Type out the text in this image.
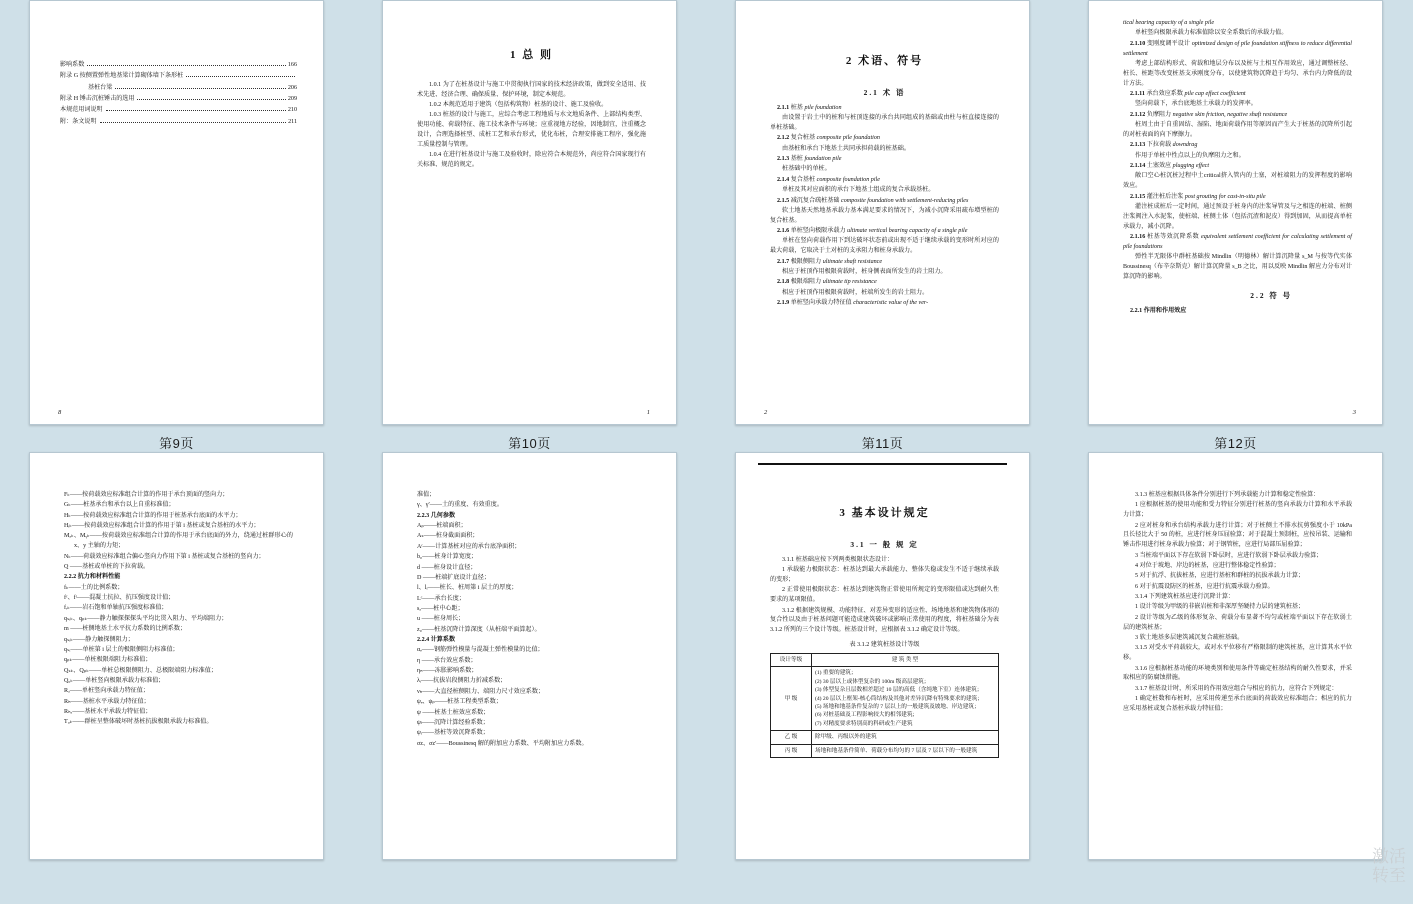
影响系数	166
附录 G 按侧置弹性地基梁计算砌体墙下条形桩
基桩台梁	206
附录 H 锤击沉桩锤击的选用	209
本规范用词说明	210
附：条文说明	211
8
第9页
1 总 则

1.0.1 为了在桩基设计与施工中贯彻执行国家的技术经济政策，做到安全适用、技术先进、经济合理、确保质量、保护环境，制定本规范。

1.0.2 本规范适用于建筑（包括构筑物）桩基的设计、施工及验收。

1.0.3 桩基的设计与施工，应综合考虑工程地质与水文地质条件、上部结构类型、使用功能、荷载特征、施工技术条件与环境；应重视地方经验，因地制宜，注重概念设计，合理选择桩型、成桩工艺和承台形式，优化布桩，合理安排施工程序，强化施工质量控制与管理。

1.0.4 在进行桩基设计与施工及验收时，除应符合本规范外，尚应符合国家现行有关标准、规范的规定。

1
第10页
2 术语、符号
2.1 术 语

2.1.1 桩基 pile foundation

由设置于岩土中的桩和与桩顶连接的承台共同组成的基础或由柱与桩直接连接的单桩基础。

2.1.2 复合桩基 composite pile foundation

由基桩和承台下地基土共同承担荷载的桩基础。

2.1.3 基桩 foundation pile

桩基础中的单桩。

2.1.4 复合基桩 composite foundation pile

单桩及其对应面积的承台下地基土组成的复合承载基桩。

2.1.5 减沉复合疏桩基础 composite foundation with settlement-reducing piles

软土地基天然地基承载力基本满足要求的情况下，为减小沉降采用疏布增型桩的复合桩基。

2.1.6 单桩竖向极限承载力 ultimate vertical bearing capacity of a single pile

单桩在竖向荷载作用下到达破坏状态前或出现不适于继续承载的变形时所对应的最大荷载，它取决于土对桩的支承阻力和桩身承载力。

2.1.7 极限侧阻力 ultimate shaft resistance

相应于桩顶作用极限荷载时，桩身侧表面所发生的岩土阻力。

2.1.8 极限端阻力 ultimate tip resistance

相应于桩顶作用极限荷载时，桩端所发生的岩土阻力。

2.1.9 单桩竖向承载力特征值 characteristic value of the ver-

2
第11页

tical bearing capacity of a single pile

单桩竖向极限承载力标准值除以安全系数后的承载力值。

2.1.10 变刚度调平设计 optimized design of pile foundation stiffness to reduce differential settlement

考虑上部结构形式、荷载和地层分布以及桩与土相互作用效应，通过调整桩径、桩长、桩距等改变桩基支承刚度分布，以使建筑物沉降趋于均匀、承台内力降低的设计方法。

2.1.11 承台效应系数 pile cap effect coefficient

竖向荷载下，承台底地基土承载力的发挥率。

2.1.12 负摩阻力 negative skin friction, negative shaft resistance

桩周土由于自重固结、湿陷、地面荷载作用等原因而产生大于桩基的沉降所引起的对桩表面的向下摩擦力。

2.1.13 下拉荷载 downdrag

作用于单桩中性点以上的负摩阻力之和。

2.1.14 土塞效应 plugging effect

敞口空心桩沉桩过程中土critical挤入管内的土塞，对桩端阻力的发挥程度的影响效应。

2.1.15 灌注桩后注浆 post grouting for cast-in-situ pile

灌注桩成桩后一定时间，通过预设于桩身内的注浆导管及与之相连的桩端、桩侧注浆阀注入水泥浆，使桩端、桩侧土体（包括沉渣和泥皮）得到加固，从而提高单桩承载力，减小沉降。

2.1.16 桩基等效沉降系数 equivalent settlement coefficient for calculating settlement of pile foundations

弹性半无限体中群桩基础按 Mindlin（明德林）解计算沉降量 s_M 与按等代实体 Boussinesq（布辛奈斯克）解计算沉降量 s_B 之比，用以反映 Mindlin 解应力分布对计算沉降的影响。

2.2 符 号

2.2.1 作用和作用效应

3
第12页

Fₖ——按荷载效应标准组合计算的作用于承台顶面的竖向力；

Gₖ——桩基承台和承台以上自重标准值；

Hₖ——按荷载效应标准组合计算的作用于桩基承台底面的水平力；

Hᵢₖ——按荷载效应标准组合计算的作用于第 i 基桩或复合基桩的水平力；

Mₓₖ、Mᵧₖ——按荷载效应标准组合计算的作用于承台底面的外力，绕通过桩群形心的 x、y 主轴的力矩；

Nₖ——荷载效应标准组合偏心竖向力作用下第 i 基桩或复合基桩的竖向力；

Q ——基桩或单桩的下拉荷载。

2.2.2 抗力和材料性能

fₖ——土的比例系数；

fᶜ、fᵗ——混凝土抗拉、抗压强度设计值；

fᵣₖ——岩石饱和单轴抗压强度标准值；

qₛᵢₖ、qₚₖ——静力触探探探头平均比贯入阻力、平均端阻力；

m ——桩侧地基土水平抗力系数的比例系数；

qₛᵢₖ——静力触探侧阻力；

qₛᵢ——单桩第 i 层土的极限侧阻力标准值；

qₚₖ——单桩极限端阻力标准值；

Qₛₖ、Qₚₖ——单桩总极限侧阻力、总极限端阻力标准值；

Qᵤₖ——单桩竖向极限承载力标准值；

Rₐ——单桩竖向承载力特征值；

Rₕ——基桩水平承载力特征值；

Rₕₐ——基桩水平承载力特征值；

Tᵤₖ——群桩呈整体破坏时基桩抗拔极限承载力标准值。

准值；

γ、γ′——土的重度、有效重度。

2.2.3 几何参数

Aₚ——桩端面积；

Aₛ——桩身截面面积；

Aᶜ——计算基桩对应的承台底净面积；

b₀——桩身计算宽度；

d ——桩身设计直径；

D ——桩端扩底设计直径；

l、lᵢ——桩长、桩周第 i 层土的厚度；

Lᶜ——承台长度；

sₐ——桩中心距；

u ——桩身周长；

z₀——桩基沉降计算深度（从桩端平面算起）。

2.2.4 计算系数

αₑ——钢筋弹性模量与混凝土弹性模量的比值；

η ——承台效应系数；

ηₙ——冻胀影响系数；

λᵢ——抗拔岩段侧阻力折减系数；

νₕ——大直径桩侧阻力、端阻力尺寸效应系数；

ψₑ、ψₚ——桩基工程类型系数；

ψ ——桩基土桩效应系数；

ψₗ——沉降计算经验系数；

ψᵢ——基桩等效沉降系数；

σᴢ、σᴢ′——Boussinesq 解的附加应力系数、平均附加应力系数。

3 基本设计规定
3.1 一 般 规 定

3.1.1 桩基础应按下列两类极限状态设计：

1 承载能力极限状态：桩基达到最大承载能力、整体失稳或发生不适于继续承载的变形；

2 正常使用极限状态：桩基达到建筑物正常使用所规定的变形限值或达到耐久性要求的某项限值。

3.1.2 根据建筑规模、功能特征、对差异变形的适应性、场地地基和建筑物体形的复合性以及由于桩基问题可能造成建筑破坏或影响正常使用的程度，将桩基础分为表 3.1.2 所列的三个设计等级。桩基设计时，应根据表 3.1.2 确定设计等级。

表 3.1.2 建筑桩基设计等级
设计等级	建 筑 类 型
甲 级	
(1) 重要的建筑；
(2) 30 层以上或体型复杂的 100m 级高层建筑；
(3) 体型复杂且层数相差超过 10 层的高低（含纯地下室）连体建筑；
(4) 20 层以上框架-核心筒结构及其他对差异沉降有特殊要求的建筑；
(5) 场地和地基条件复杂的 7 层以上的一般建筑及坡地、岸边建筑；
(6) 对桩基础及工程影响较大的相邻建筑；
(7) 对精度要求特别高的科研或生产建筑

乙 级	除甲级、丙级以外的建筑

丙 级	场地和地基条件简单、荷载分布均匀的 7 层及 7 层以下的一般建筑

3.1.3 桩基应根据具体条件分别进行下列承载能力计算和稳定性验算：

1 应根据桩基的使用功能和受力特征分别进行桩基的竖向承载力计算和水平承载力计算；

2 应对桩身和承台结构承载力进行计算；对于桩侧土不排水抗剪强度小于 10kPa 且长径比大于 50 的桩，应进行桩身压屈验算；对于混凝土预制桩，应按吊装、运输和锤击作用进行桩身承载力验算；对于钢管桩，应进行局部压屈验算；

3 当桩端平面以下存在软弱下卧层时，应进行软弱下卧层承载力验算；

4 对位于坡地、岸边的桩基，应进行整体稳定性验算；

5 对于抗浮、抗拔桩基，应进行基桩和群桩的抗拔承载力计算；

6 对于抗震设防区的桩基，应进行抗震承载力验算。

3.1.4 下列建筑桩基应进行沉降计算：

1 设计等级为甲级的非嵌岩桩和非深厚坚硬持力层的建筑桩基；

2 设计等级为乙级的体形复杂、荷载分布显著不均匀或桩端平面以下存在软弱土层的建筑桩基；

3 软土地基多层建筑减沉复合疏桩基础。

3.1.5 对受水平荷载较大，或对水平位移有严格限制的建筑桩基，应计算其水平位移。

3.1.6 应根据桩基功能的环境类别和使用条件等确定桩基结构的耐久性要求，并采取相应的防腐蚀措施。

3.1.7 桩基设计时，所采用的作用效应组合与相应的抗力，应符合下列规定：

1 确定桩数和布桩时，应采用传递至承台底面的荷载效应标准组合；相应的抗力应采用基桩或复合基桩承载力特征值；

激活
转至
